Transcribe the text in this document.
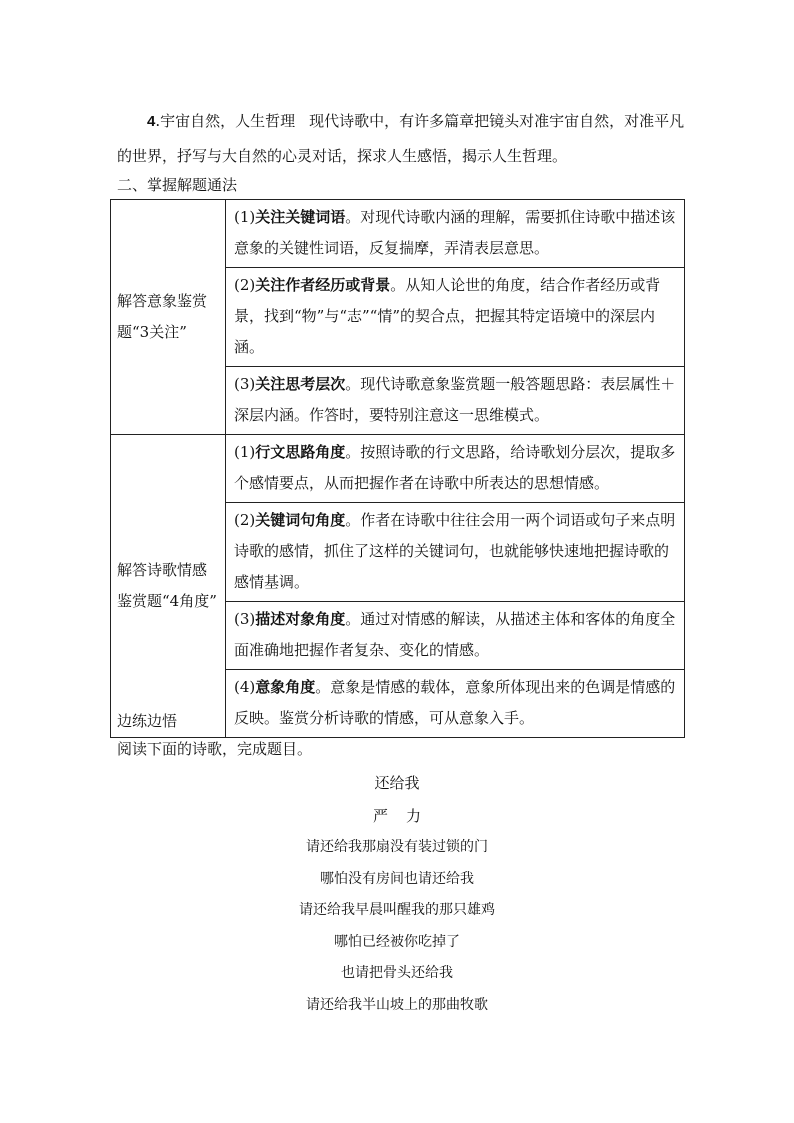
4.宇宙自然，人生哲理 现代诗歌中，有许多篇章把镜头对准宇宙自然，对准平凡的世界，抒写与大自然的心灵对话，探求人生感悟，揭示人生哲理。
二、掌握解题通法
解答意象鉴赏题“3关注”	(1)关注关键词语。对现代诗歌内涵的理解，需要抓住诗歌中描述该意象的关键性词语，反复揣摩，弄清表层意思。
	(2)关注作者经历或背景。从知人论世的角度，结合作者经历或背景，找到“物”与“志”“情”的契合点，把握其特定语境中的深层内涵。
	(3)关注思考层次。现代诗歌意象鉴赏题一般答题思路：表层属性＋深层内涵。作答时，要特别注意这一思维模式。
解答诗歌情感鉴赏题“4角度”	(1)行文思路角度。按照诗歌的行文思路，给诗歌划分层次，提取多个感情要点，从而把握作者在诗歌中所表达的思想情感。
	(2)关键词句角度。作者在诗歌中往往会用一两个词语或句子来点明诗歌的感情，抓住了这样的关键词句，也就能够快速地把握诗歌的感情基调。
	(3)描述对象角度。通过对情感的解读，从描述主体和客体的角度全面准确地把握作者复杂、变化的情感。
	(4)意象角度。意象是情感的载体，意象所体现出来的色调是情感的反映。鉴赏分析诗歌的情感，可从意象入手。
边练边悟
阅读下面的诗歌，完成题目。
还给我
严力
请还给我那扇没有装过锁的门
哪怕没有房间也请还给我
请还给我早晨叫醒我的那只雄鸡
哪怕已经被你吃掉了
也请把骨头还给我
请还给我半山坡上的那曲牧歌
